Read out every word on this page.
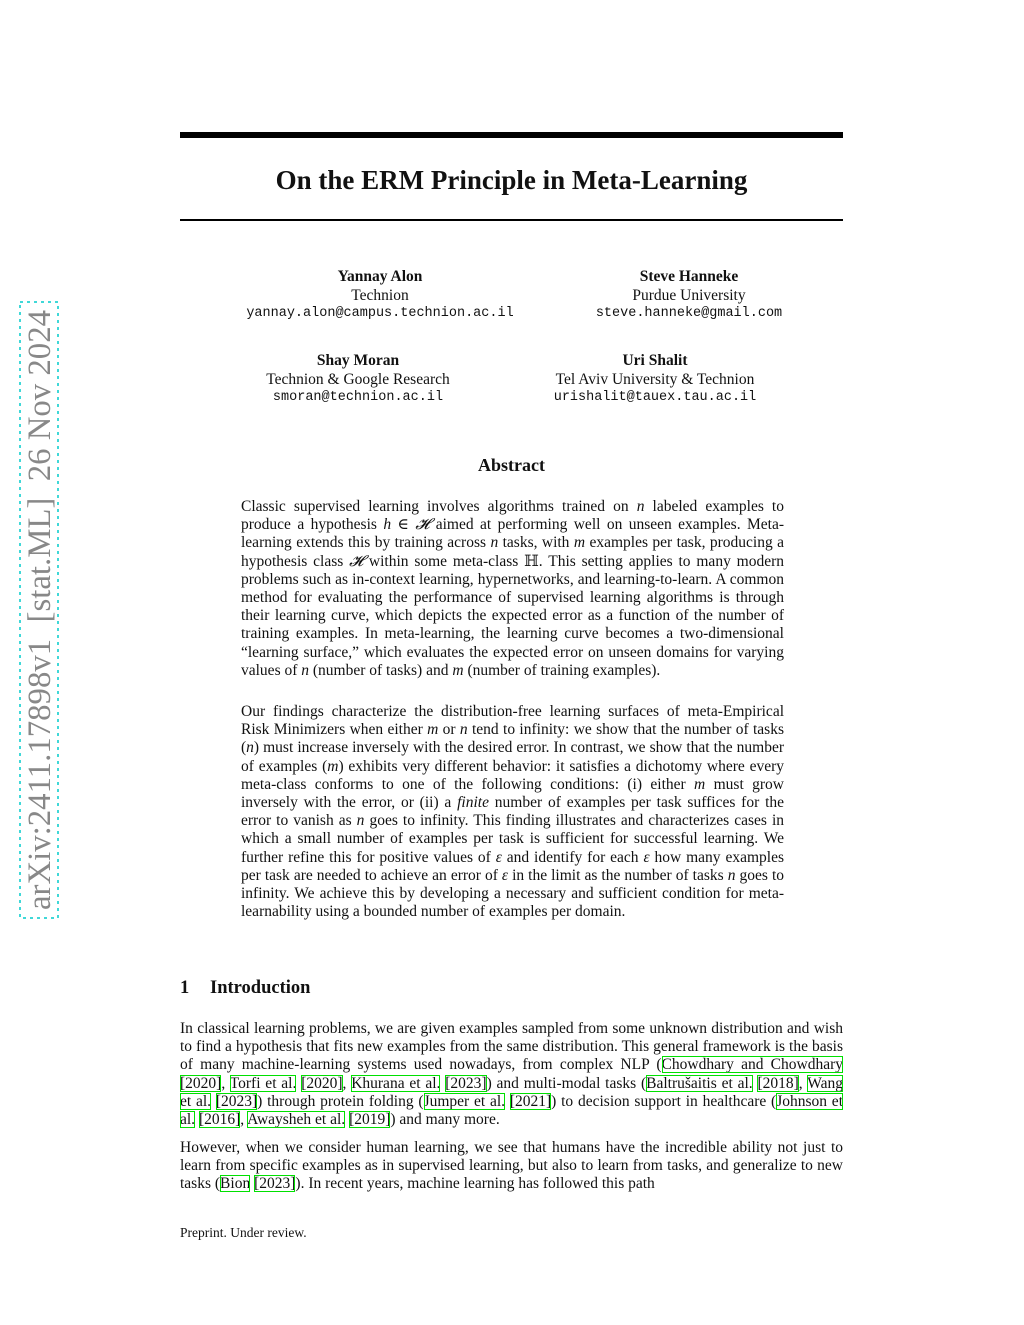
arXiv:2411.17898v1  [stat.ML]  26 Nov 2024
On the ERM Principle in Meta-Learning
Yannay Alon
Technion
yannay.alon@campus.technion.ac.il
Steve Hanneke
Purdue University
steve.hanneke@gmail.com
Shay Moran
Technion & Google Research
smoran@technion.ac.il
Uri Shalit
Tel Aviv University & Technion
urishalit@tauex.tau.ac.il
Abstract

Classic supervised learning involves algorithms trained on n labeled examples to produce a hypothesis h ∈ 𝓗 aimed at performing well on unseen examples. Meta-learning extends this by training across n tasks, with m examples per task, producing a hypothesis class 𝓗 within some meta-class ℍ. This setting applies to many modern problems such as in-context learning, hypernetworks, and learning-to-learn. A common method for evaluating the performance of supervised learning algorithms is through their learning curve, which depicts the expected error as a function of the number of training examples. In meta-learning, the learning curve becomes a two-dimensional “learning surface,” which evaluates the expected error on unseen domains for varying values of n (number of tasks) and m (number of training examples).

Our findings characterize the distribution-free learning surfaces of meta-Empirical Risk Minimizers when either m or n tend to infinity: we show that the number of tasks (n) must increase inversely with the desired error. In contrast, we show that the number of examples (m) exhibits very different behavior: it satisfies a dichotomy where every meta-class conforms to one of the following conditions: (i) either m must grow inversely with the error, or (ii) a finite number of examples per task suffices for the error to vanish as n goes to infinity. This finding illustrates and characterizes cases in which a small number of examples per task is sufficient for successful learning. We further refine this for positive values of ε and identify for each ε how many examples per task are needed to achieve an error of ε in the limit as the number of tasks n goes to infinity. We achieve this by developing a necessary and sufficient condition for meta-learnability using a bounded number of examples per domain.

1 Introduction

In classical learning problems, we are given examples sampled from some unknown distribution and wish to find a hypothesis that fits new examples from the same distribution. This general framework is the basis of many machine-learning systems used nowadays, from complex NLP (Chowdhary and Chowdhary [2020], Torfi et al. [2020], Khurana et al. [2023]) and multi-modal tasks (Baltrušaitis et al. [2018], Wang et al. [2023]) through protein folding (Jumper et al. [2021]) to decision support in healthcare (Johnson et al. [2016], Awaysheh et al. [2019]) and many more.

However, when we consider human learning, we see that humans have the incredible ability not just to learn from specific examples as in supervised learning, but also to learn from tasks, and generalize to new tasks (Bion [2023]). In recent years, machine learning has followed this path

Preprint. Under review.
